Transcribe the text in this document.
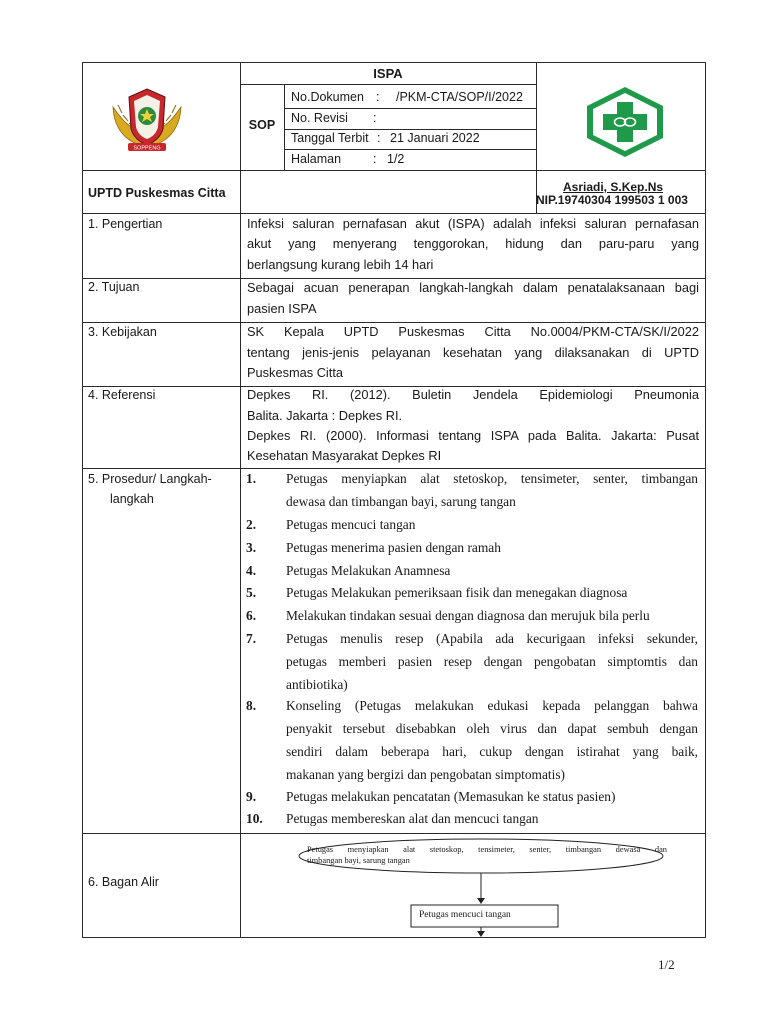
SOPPENG
ISPA
SOP
No.Dokumen : /PKM-CTA/SOP/I/2022
No. Revisi :
Tanggal Terbit : 21 Januari 2022
Halaman	: 1/2
UPTD Puskesmas Citta	Asriadi, S.Kep.Ns
NIP.19740304 199503 1 003
1. Pengertian	Infeksi saluran pernafasan akut (ISPA) adalah infeksi saluran pernafasan
akut yang menyerang tenggorokan, hidung dan paru-paru yang
berlangsung kurang lebih 14 hari
2. Tujuan	Sebagai acuan penerapan langkah-langkah dalam penatalaksanaan bagi
pasien ISPA
3. Kebijakan	SK Kepala UPTD Puskesmas Citta No.0004/PKM-CTA/SK/I/2022
tentang jenis-jenis pelayanan kesehatan yang dilaksanakan di UPTD
Puskesmas Citta
4. Referensi	Depkes RI. (2012). Buletin Jendela Epidemiologi Pneumonia
Balita. Jakarta : Depkes RI.
Depkes RI. (2000). Informasi tentang ISPA pada Balita. Jakarta: Pusat
Kesehatan Masyarakat Depkes RI
5. Prosedur/ Langkah-
langkah
1. Petugas menyiapkan alat stetoskop, tensimeter, senter, timbangan
dewasa dan timbangan bayi, sarung tangan
2. Petugas mencuci tangan
3. Petugas menerima pasien dengan ramah
4. Petugas Melakukan Anamnesa
5. Petugas Melakukan pemeriksaan fisik dan menegakan diagnosa
6. Melakukan tindakan sesuai dengan diagnosa dan merujuk bila perlu
7. Petugas menulis resep (Apabila ada kecurigaan infeksi sekunder,
petugas memberi pasien resep dengan pengobatan simptomtis dan
antibiotika)
8. Konseling (Petugas melakukan edukasi kepada pelanggan bahwa
penyakit tersebut disebabkan oleh virus dan dapat sembuh dengan
sendiri dalam beberapa hari, cukup dengan istirahat yang baik,
makanan yang bergizi dan pengobatan simptomatis)
9. Petugas melakukan pencatatan (Memasukan ke status pasien)
10. Petugas membereskan alat dan mencuci tangan
6. Bagan Alir
Petugas menyiapkan alat stetoskop, tensimeter, senter, timbangan dewasa dan
timbangan bayi, sarung tangan
Petugas mencuci tangan
1/2
